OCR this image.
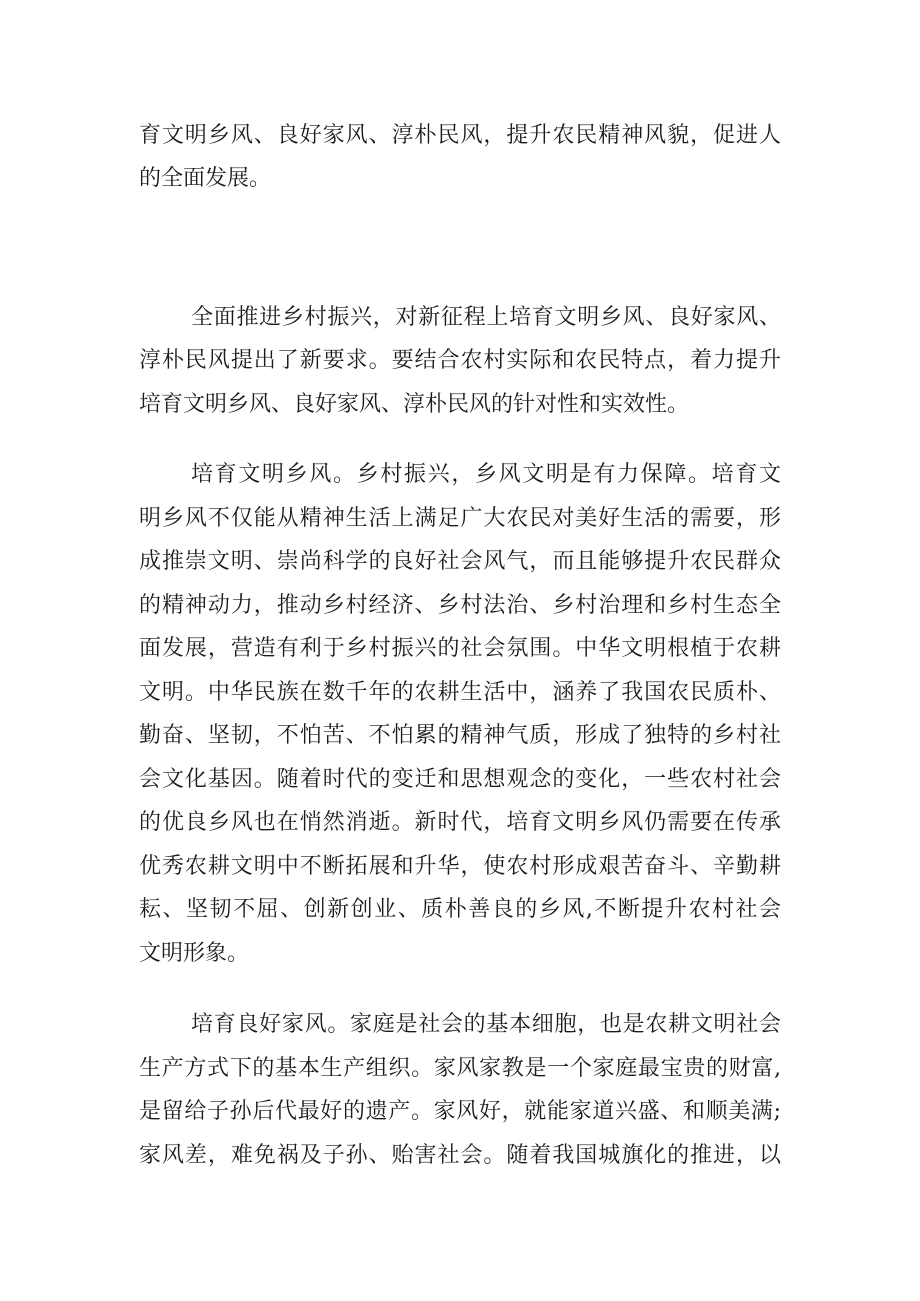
育文明乡风、良好家风、淳朴民风，提升农民精神风貌，促进人
的全面发展。
全面推进乡村振兴，对新征程上培育文明乡风、良好家风、
淳朴民风提出了新要求。要结合农村实际和农民特点，着力提升
培育文明乡风、良好家风、淳朴民风的针对性和实效性。
培育文明乡风。乡村振兴，乡风文明是有力保障。培育文
明乡风不仅能从精神生活上满足广大农民对美好生活的需要，形
成推崇文明、崇尚科学的良好社会风气，而且能够提升农民群众
的精神动力，推动乡村经济、乡村法治、乡村治理和乡村生态全
面发展，营造有利于乡村振兴的社会氛围。中华文明根植于农耕
文明。中华民族在数千年的农耕生活中，涵养了我国农民质朴、
勤奋、坚韧，不怕苦、不怕累的精神气质，形成了独特的乡村社
会文化基因。随着时代的变迁和思想观念的变化，一些农村社会
的优良乡风也在悄然消逝。新时代，培育文明乡风仍需要在传承
优秀农耕文明中不断拓展和升华，使农村形成艰苦奋斗、辛勤耕
耘、坚韧不屈、创新创业、质朴善良的乡风,不断提升农村社会
文明形象。
培育良好家风。家庭是社会的基本细胞，也是农耕文明社会
生产方式下的基本生产组织。家风家教是一个家庭最宝贵的财富,
是留给子孙后代最好的遗产。家风好，就能家道兴盛、和顺美满;
家风差，难免祸及子孙、贻害社会。随着我国城旗化的推进，以
